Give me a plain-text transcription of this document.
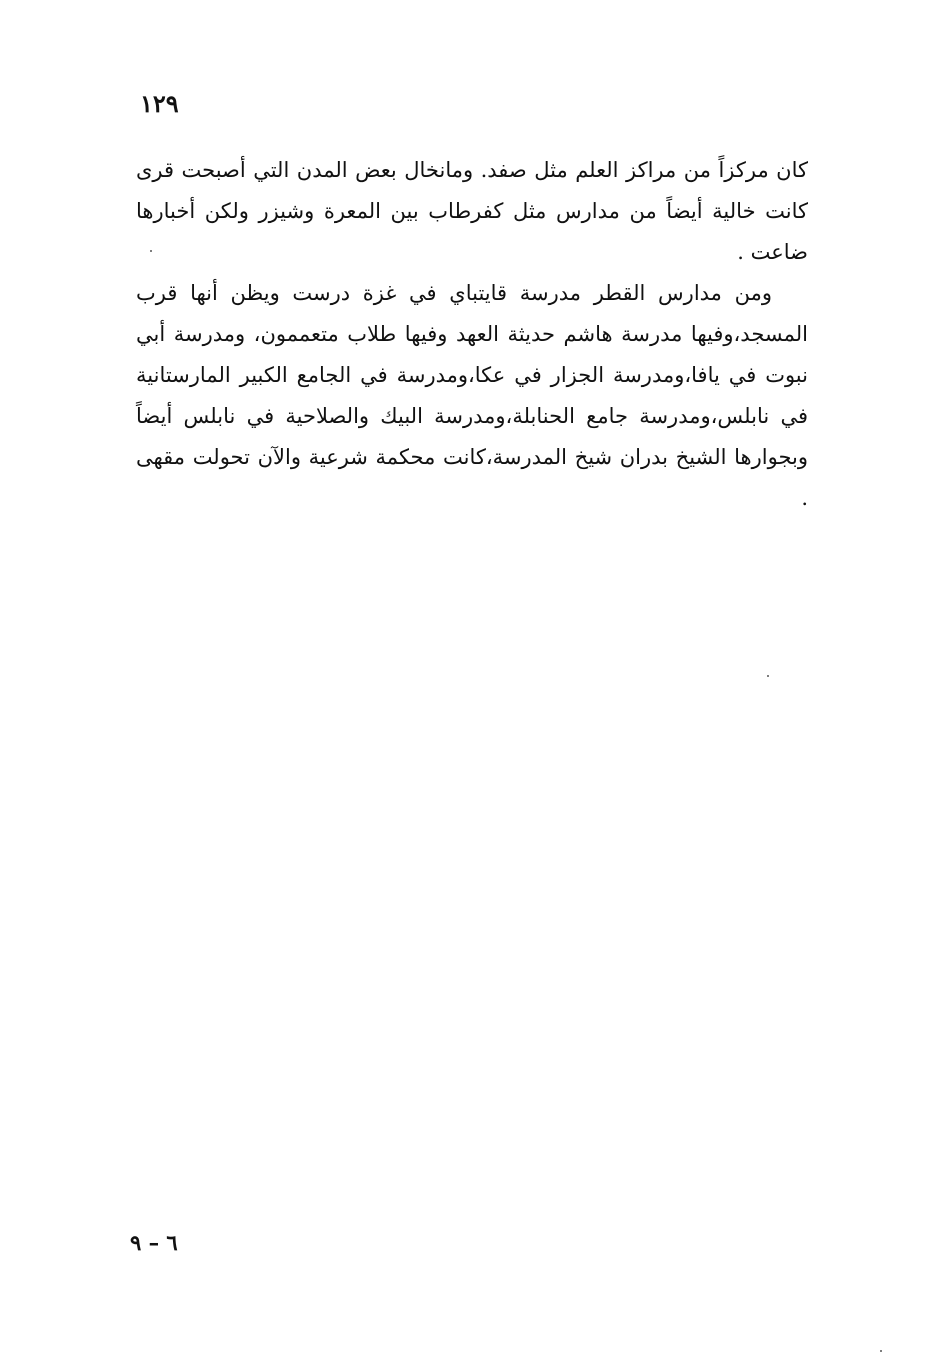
١٢٩

كان مركزاً من مراكز العلم مثل صفد. ومانخال بعض المدن التي أصبحت قرى كانت خالية أيضاً من مدارس مثل كفرطاب بين المعرة وشيزر ولكن أخبارها ضاعت .

ومن مدارس القطر مدرسة قايتباي في غزة درست ويظن أنها قرب المسجد،وفيها مدرسة هاشم حديثة العهد وفيها طلاب متعممون، ومدرسة أبي نبوت في يافا،ومدرسة الجزار في عكا،ومدرسة في الجامع الكبير المارستانية في نابلس،ومدرسة جامع الحنابلة،ومدرسة البيك والصلاحية في نابلس أيضاً وبجوارها الشيخ بدران شيخ المدرسة،كانت محكمة شرعية والآن تحولت مقهى .

٦ – ٩
